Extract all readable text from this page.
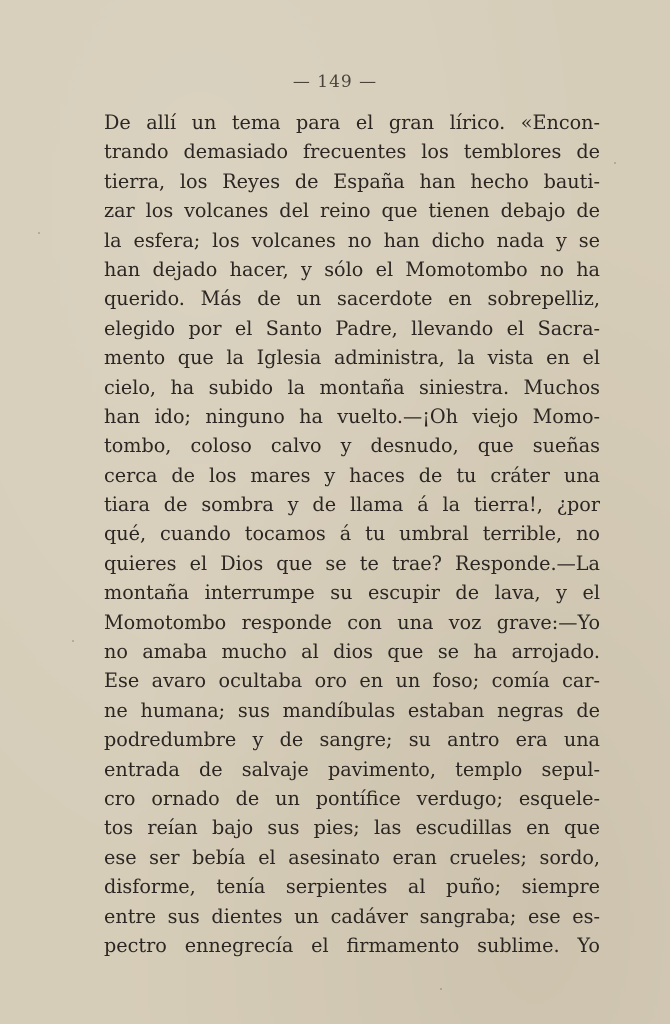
— 149 —
De allí un tema para el gran lírico. «Encon-
trando demasiado frecuentes los temblores de
tierra, los Reyes de España han hecho bauti-
zar los volcanes del reino que tienen debajo de
la esfera; los volcanes no han dicho nada y se
han dejado hacer, y sólo el Momotombo no ha
querido. Más de un sacerdote en sobrepelliz,
elegido por el Santo Padre, llevando el Sacra-
mento que la Iglesia administra, la vista en el
cielo, ha subido la montaña siniestra. Muchos
han ido; ninguno ha vuelto.—¡Oh viejo Momo-
tombo, coloso calvo y desnudo, que sueñas
cerca de los mares y haces de tu cráter una
tiara de sombra y de llama á la tierra!, ¿por
qué, cuando tocamos á tu umbral terrible, no
quieres el Dios que se te trae? Responde.—La
montaña interrumpe su escupir de lava, y el
Momotombo responde con una voz grave:—Yo
no amaba mucho al dios que se ha arrojado.
Ese avaro ocultaba oro en un foso; comía car-
ne humana; sus mandíbulas estaban negras de
podredumbre y de sangre; su antro era una
entrada de salvaje pavimento, templo sepul-
cro ornado de un pontífice verdugo; esquele-
tos reían bajo sus pies; las escudillas en que
ese ser bebía el asesinato eran crueles; sordo,
disforme, tenía serpientes al puño; siempre
entre sus dientes un cadáver sangraba; ese es-
pectro ennegrecía el firmamento sublime. Yo
